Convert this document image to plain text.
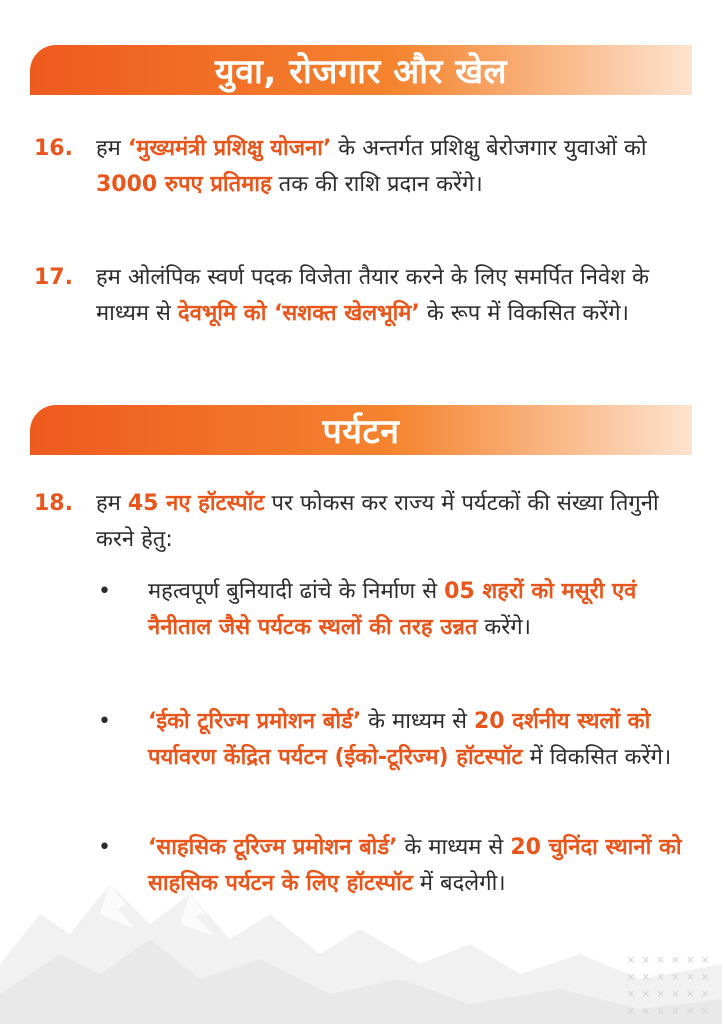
युवा, रोजगार और खेल
16.	हम ‘मुख्यमंत्री प्रशिक्षु योजना’ के अन्तर्गत प्रशिक्षु बेरोजगार युवाओं को 3000 रुपए प्रतिमाह तक की राशि प्रदान करेंगे।
17.	हम ओलंपिक स्वर्ण पदक विजेता तैयार करने के लिए समर्पित निवेश के माध्यम से देवभूमि को ‘सशक्त खेलभूमि’ के रूप में विकसित करेंगे।
पर्यटन
18.	हम 45 नए हॉटस्पॉट पर फोकस कर राज्य में पर्यटकों की संख्या तिगुनी करने हेतु:
• महत्वपूर्ण बुनियादी ढांचे के निर्माण से 05 शहरों को मसूरी एवं नैनीताल जैसे पर्यटक स्थलों की तरह उन्नत करेंगे।
• ‘ईको टूरिज्म प्रमोशन बोर्ड’ के माध्यम से 20 दर्शनीय स्थलों को पर्यावरण केंद्रित पर्यटन (ईको-टूरिज्म) हॉटस्पॉट में विकसित करेंगे।
• ‘साहसिक टूरिज्म प्रमोशन बोर्ड’ के माध्यम से 20 चुनिंदा स्थानों को साहसिक पर्यटन के लिए हॉटस्पॉट में बदलेगी।
××××××
××××××
××××××
××××××
